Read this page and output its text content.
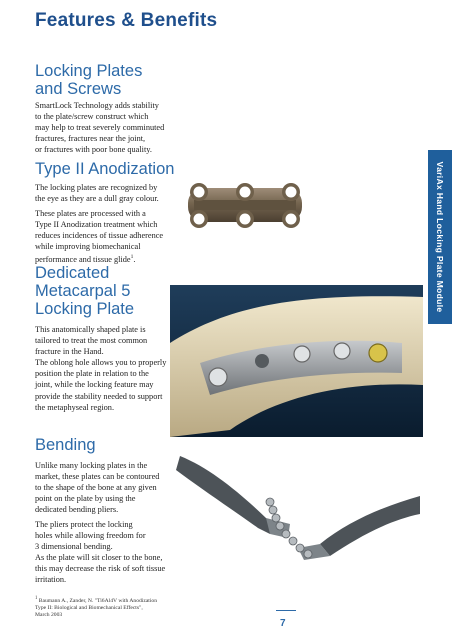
Features & Benefits
Locking Plates
and Screws

SmartLock Technology adds stability
to the plate/screw construct which
may help to treat severely comminuted
fractures, fractures near the joint,
or fractures with poor bone quality.

Type II Anodization

The locking plates are recognized by
the eye as they are a dull gray colour.

These plates are processed with a
Type II Anodization treatment which
reduces incidences of tissue adherence
while improving biomechanical
performance and tissue glide$^1$.

Dedicated
Metacarpal 5
Locking Plate

This anatomically shaped plate is
tailored to treat the most common
fracture in the Hand.
The oblong hole allows you to properly
position the plate in relation to the
joint, while the locking feature may
provide the stability needed to support
the metaphyseal region.

Bending

Unlike many locking plates in the
market, these plates can be contoured
to the shape of the bone at any given
point on the plate by using the
dedicated bending pliers.

The pliers protect the locking
holes while allowing freedom for
3 dimensional bending.
As the plate will sit closer to the bone,
this may decrease the risk of soft tissue
irritation.

VariAx Hand Locking Plate Module

$^1$ Baumann A., Zander, N. "Ti6Al4V with Anodization
Type II: Biological and Biomechanical Effects",
March 2003

7
